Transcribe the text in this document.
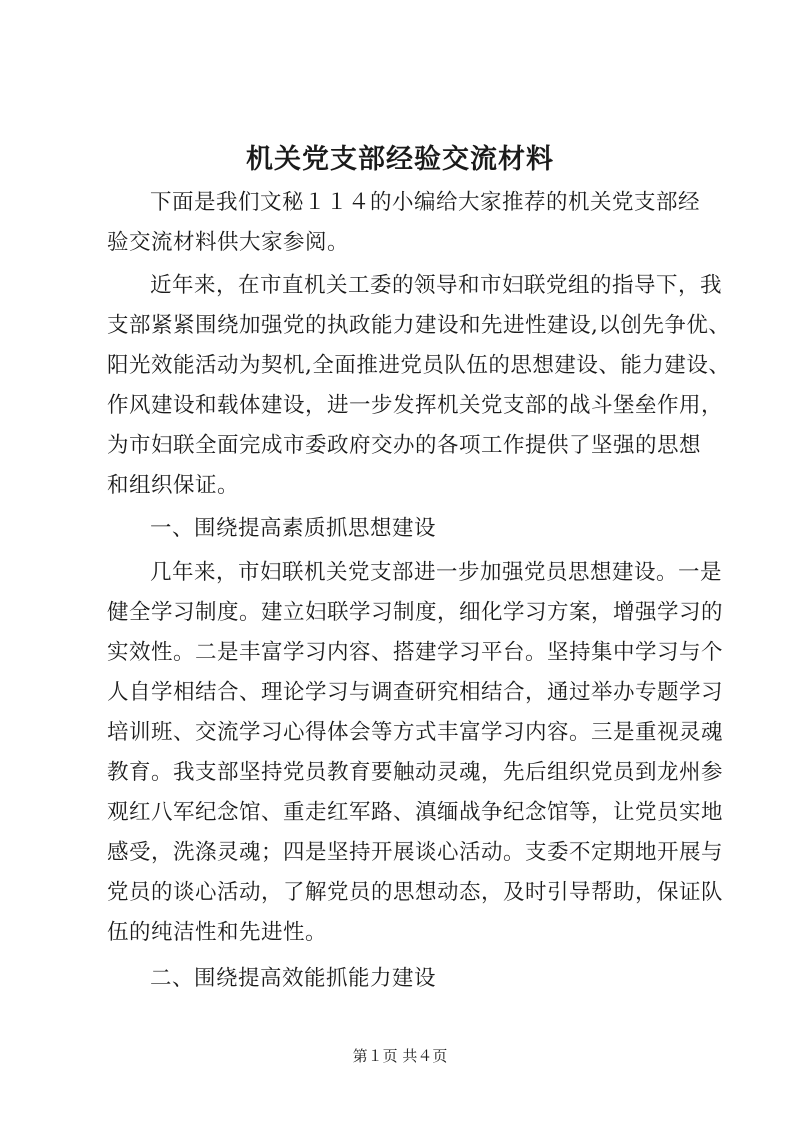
机关党支部经验交流材料
下面是我们文秘１１４的小编给大家推荐的机关党支部经
验交流材料供大家参阅。
近年来，在市直机关工委的领导和市妇联党组的指导下，我
支部紧紧围绕加强党的执政能力建设和先进性建设,以创先争优、
阳光效能活动为契机,全面推进党员队伍的思想建设、能力建设、
作风建设和载体建设，进一步发挥机关党支部的战斗堡垒作用，
为市妇联全面完成市委政府交办的各项工作提供了坚强的思想
和组织保证。
一、围绕提高素质抓思想建设
几年来，市妇联机关党支部进一步加强党员思想建设。一是
健全学习制度。建立妇联学习制度，细化学习方案，增强学习的
实效性。二是丰富学习内容、搭建学习平台。坚持集中学习与个
人自学相结合、理论学习与调查研究相结合，通过举办专题学习
培训班、交流学习心得体会等方式丰富学习内容。三是重视灵魂
教育。我支部坚持党员教育要触动灵魂，先后组织党员到龙州参
观红八军纪念馆、重走红军路、滇缅战争纪念馆等，让党员实地
感受，洗涤灵魂；四是坚持开展谈心活动。支委不定期地开展与
党员的谈心活动，了解党员的思想动态，及时引导帮助，保证队
伍的纯洁性和先进性。
二、围绕提高效能抓能力建设
第１页 共４页
